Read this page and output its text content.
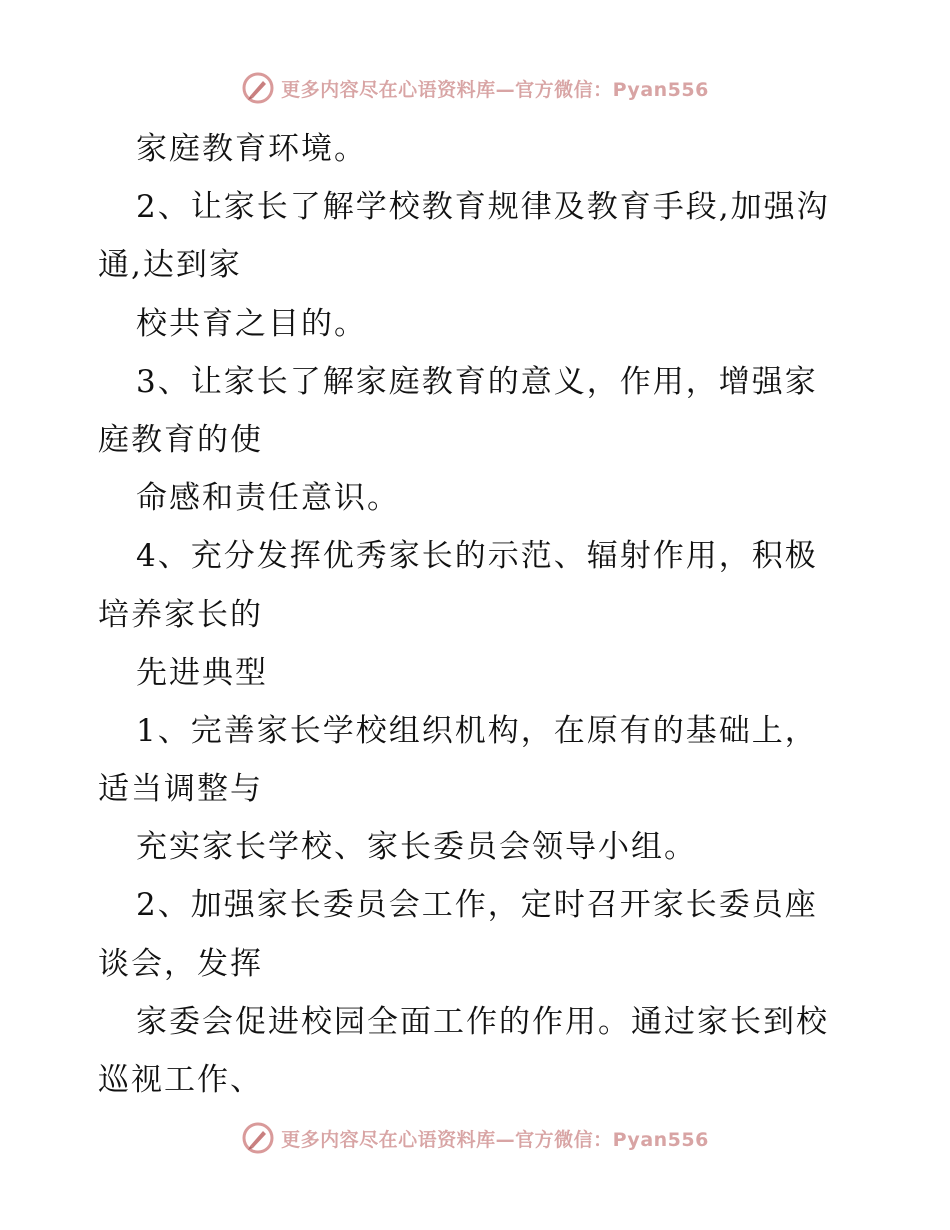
更多内容尽在心语资料库—官方微信：Pyan556
家庭教育环境。
2、让家长了解学校教育规律及教育手段,加强沟
通,达到家
校共育之目的。
3、让家长了解家庭教育的意义，作用，增强家
庭教育的使
命感和责任意识。
4、充分发挥优秀家长的示范、辐射作用，积极
培养家长的
先进典型
1、完善家长学校组织机构，在原有的基础上，
适当调整与
充实家长学校、家长委员会领导小组。
2、加强家长委员会工作，定时召开家长委员座
谈会，发挥
家委会促进校园全面工作的作用。通过家长到校
巡视工作、
更多内容尽在心语资料库—官方微信：Pyan556
